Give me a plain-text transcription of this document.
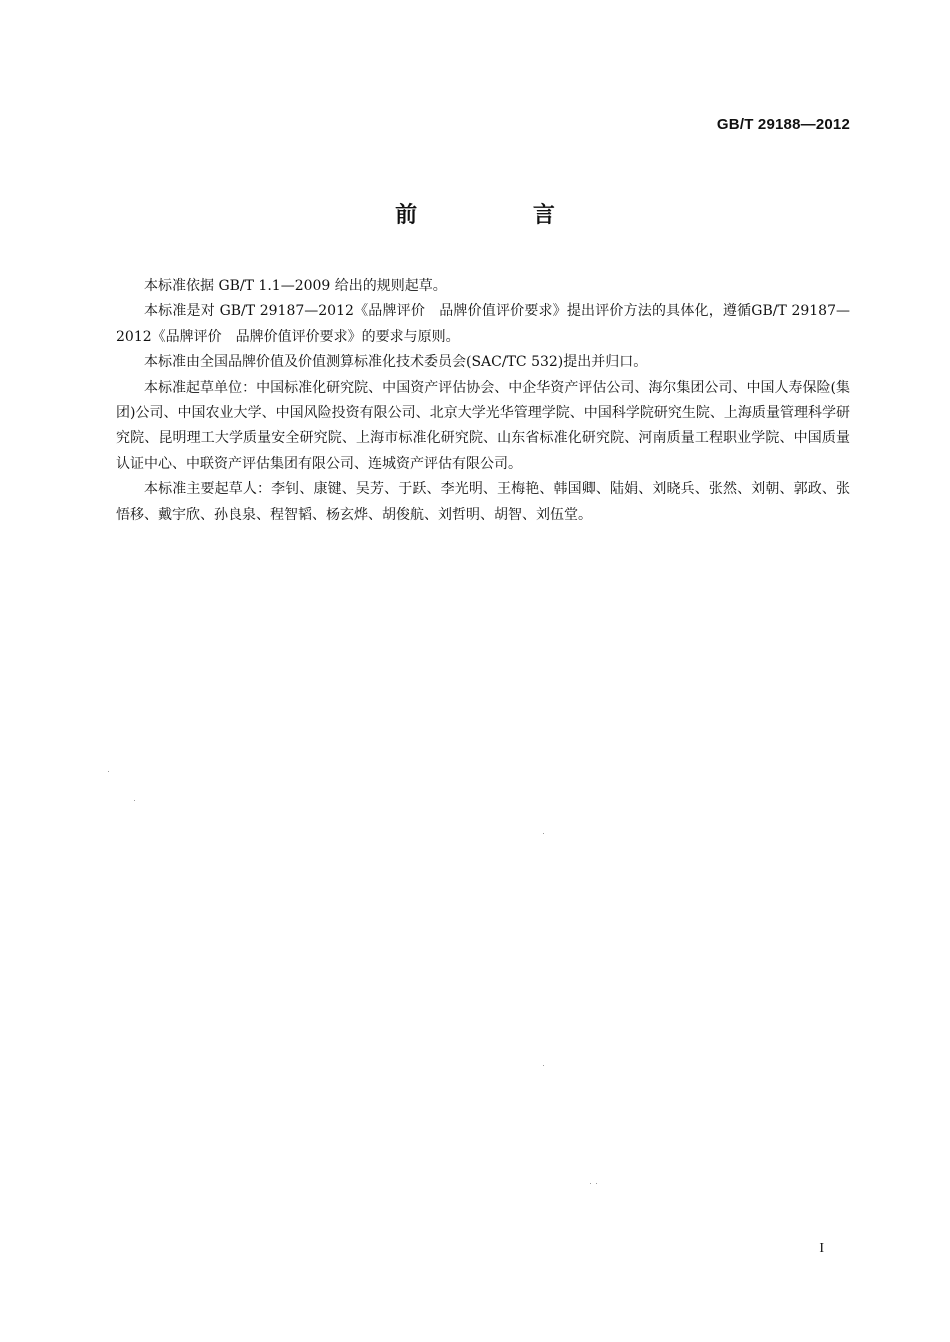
GB/T 29188—2012
前 言

本标准依据 GB/T 1.1—2009 给出的规则起草。

本标准是对 GB/T 29187—2012《品牌评价　品牌价值评价要求》提出评价方法的具体化，遵循GB/T 29187—2012《品牌评价　品牌价值评价要求》的要求与原则。

本标准由全国品牌价值及价值测算标准化技术委员会(SAC/TC 532)提出并归口。

本标准起草单位：中国标准化研究院、中国资产评估协会、中企华资产评估公司、海尔集团公司、中国人寿保险(集团)公司、中国农业大学、中国风险投资有限公司、北京大学光华管理学院、中国科学院研究生院、上海质量管理科学研究院、昆明理工大学质量安全研究院、上海市标准化研究院、山东省标准化研究院、河南质量工程职业学院、中国质量认证中心、中联资产评估集团有限公司、连城资产评估有限公司。

本标准主要起草人：李钊、康键、吴芳、于跃、李光明、王梅艳、韩国卿、陆娟、刘晓兵、张然、刘朝、郭政、张悟移、戴宇欣、孙良泉、程智韬、杨玄烨、胡俊航、刘哲明、胡智、刘伍堂。

I
